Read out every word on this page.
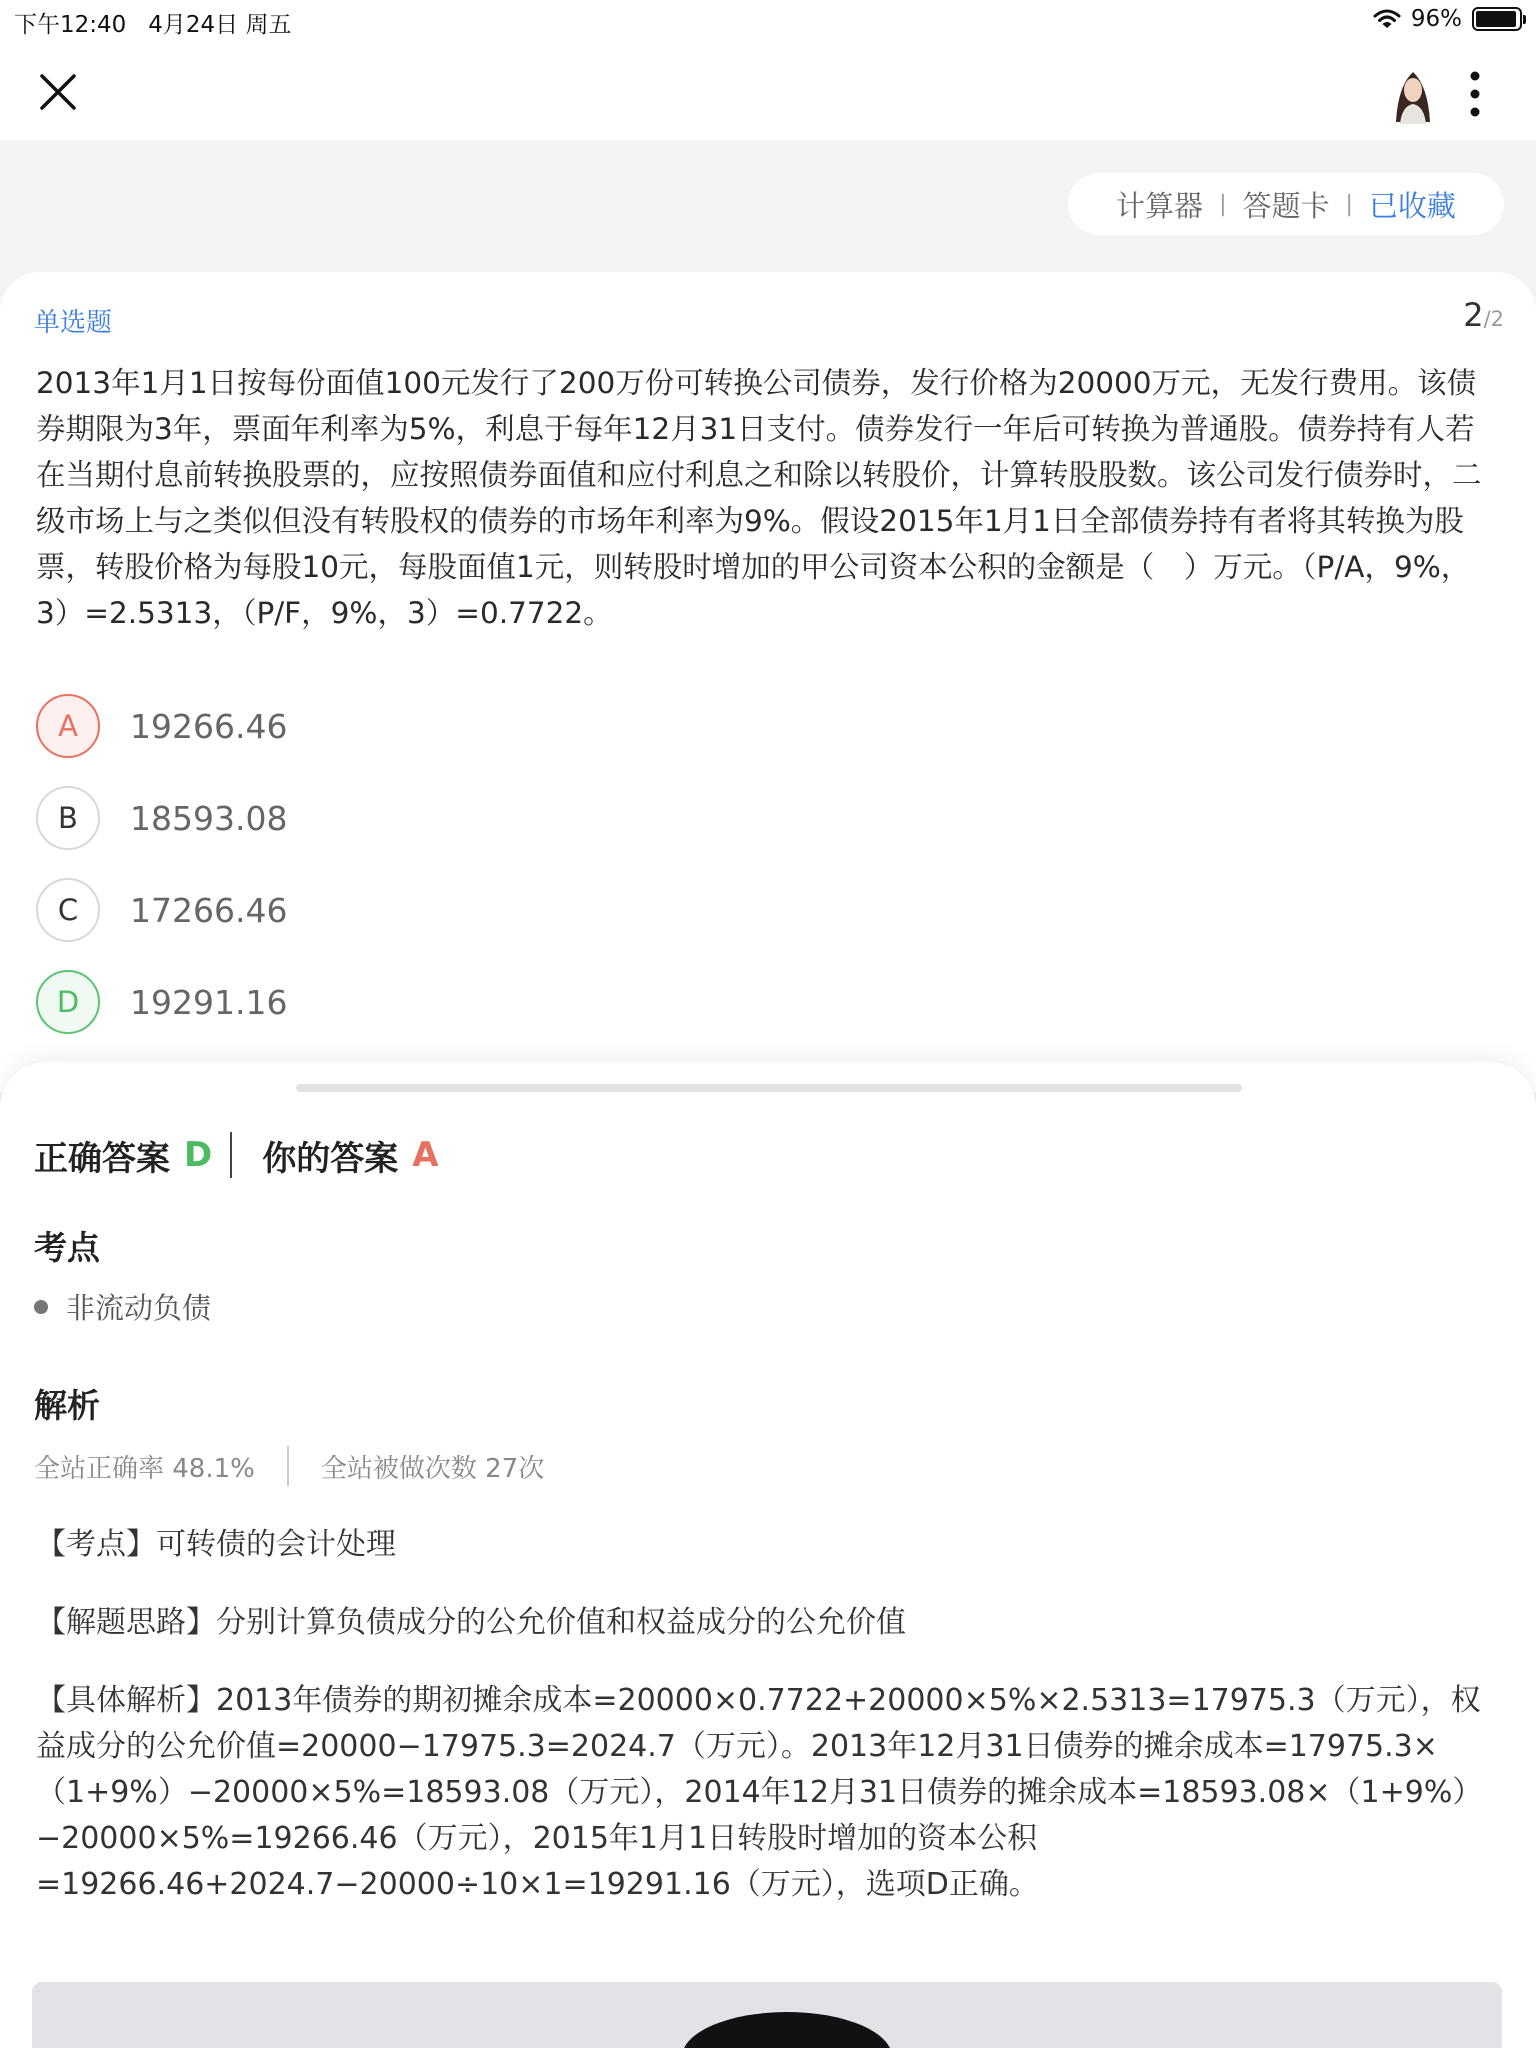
下午12:40 4月24日 周五	96%
计算器 | 答题卡 | 已收藏
单选题	2/2
2013年1月1日按每份面值100元发行了200万份可转换公司债券，发行价格为20000万元，无发行费用。该债券期限为3年，票面年利率为5%，利息于每年12月31日支付。债券发行一年后可转换为普通股。债券持有人若在当期付息前转换股票的，应按照债券面值和应付利息之和除以转股价，计算转股股数。该公司发行债券时，二级市场上与之类似但没有转股权的债券的市场年利率为9%。假设2015年1月1日全部债券持有者将其转换为股票，转股价格为每股10元，每股面值1元，则转股时增加的甲公司资本公积的金额是（　）万元。（P/A，9%，3）=2.5313，（P/F，9%，3）=0.7722。
A	19266.46
B	18593.08
C	17266.46
D	19291.16
正确答案 D 你的答案 A
考点
非流动负债
解析
全站正确率 48.1%	全站被做次数 27次
【考点】可转债的会计处理
【解题思路】分别计算负债成分的公允价值和权益成分的公允价值
【具体解析】2013年债券的期初摊余成本=20000×0.7722+20000×5%×2.5313=17975.3（万元），权益成分的公允价值=20000−17975.3=2024.7（万元）。2013年12月31日债券的摊余成本=17975.3×（1+9%）−20000×5%=18593.08（万元），2014年12月31日债券的摊余成本=18593.08×（1+9%）−20000×5%=19266.46（万元），2015年1月1日转股时增加的资本公积=19266.46+2024.7−20000÷10×1=19291.16（万元），选项D正确。
